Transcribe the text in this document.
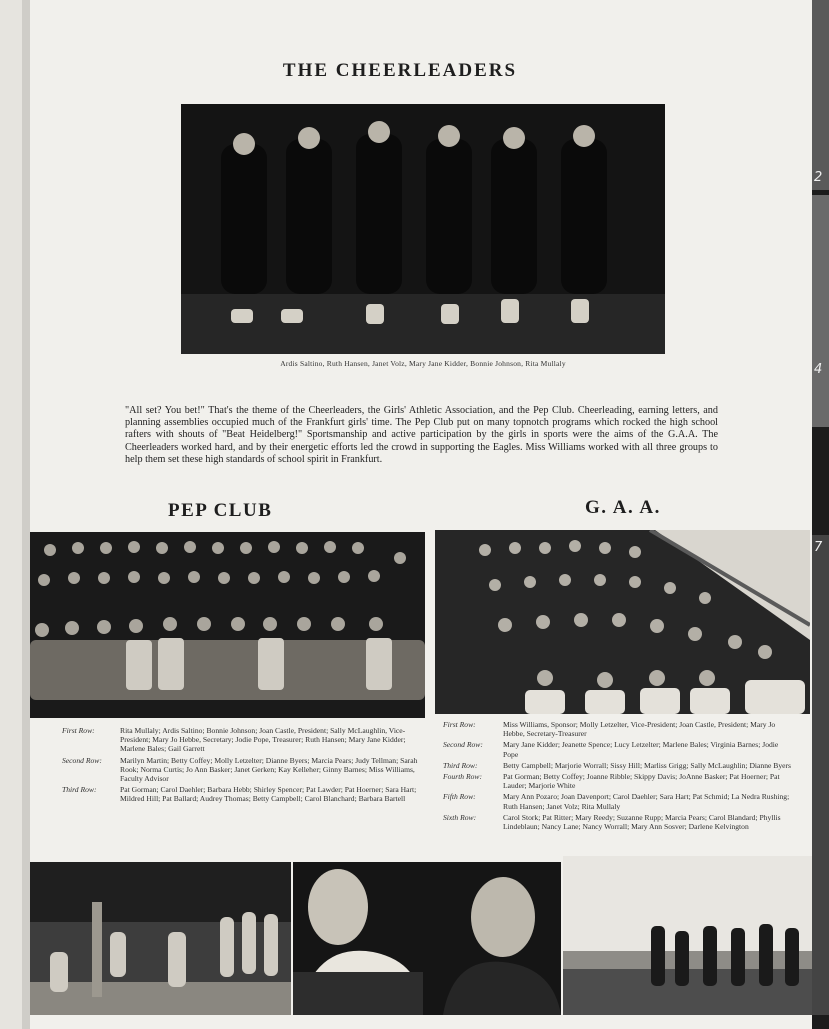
2
4
7
THE CHEERLEADERS
Ardis Saltino, Ruth Hansen, Janet Volz, Mary Jane Kidder, Bonnie Johnson, Rita Mullaly
"All set? You bet!" That's the theme of the Cheerleaders, the Girls' Athletic Association, and the Pep Club. Cheerleading, earning letters, and planning assemblies occupied much of the Frankfurt girls' time. The Pep Club put on many topnotch programs which rocked the high school rafters with shouts of "Beat Heidelberg!" Sportsmanship and active participation by the girls in sports were the aims of the G.A.A. The Cheerleaders worked hard, and by their energetic efforts led the crowd in supporting the Eagles. Miss Williams worked with all three groups to help them set these high standards of school spirit in Frankfurt.
PEP CLUB	G. A. A.
First Row:	Rita Mullaly; Ardis Saltino; Bonnie Johnson; Joan Castle, President; Sally McLaughlin, Vice-President; Mary Jo Hebbe, Secretary; Jodie Pope, Treasurer; Ruth Hansen; Mary Jane Kidder; Marlene Bales; Gail Garrett
Second Row:	Marilyn Martin; Betty Coffey; Molly Letzelter; Dianne Byers; Marcia Pears; Judy Tellman; Sarah Rook; Norma Curtis; Jo Ann Basker; Janet Gerken; Kay Kelleher; Ginny Barnes; Miss Williams, Faculty Advisor
Third Row:	Pat Gorman; Carol Daehler; Barbara Hebb; Shirley Spencer; Pat Lawder; Pat Hoerner; Sara Hart; Mildred Hill; Pat Ballard; Audrey Thomas; Betty Campbell; Carol Blanchard; Barbara Bartell
First Row:	Miss Williams, Sponsor; Molly Letzelter, Vice-President; Joan Castle, President; Mary Jo Hebbe, Secretary-Treasurer
Second Row:	Mary Jane Kidder; Jeanette Spence; Lucy Letzelter; Marlene Bales; Virginia Barnes; Jodie Pope
Third Row:	Betty Campbell; Marjorie Worrall; Sissy Hill; Marliss Grigg; Sally McLaughlin; Dianne Byers
Fourth Row:	Pat Gorman; Betty Coffey; Joanne Ribble; Skippy Davis; JoAnne Basker; Pat Hoerner; Pat Lauder; Marjorie White
Fifth Row:	Mary Ann Pozaro; Joan Davenport; Carol Daehler; Sara Hart; Pat Schmid; La Nedra Rushing; Ruth Hansen; Janet Volz; Rita Mullaly
Sixth Row:	Carol Stork; Pat Ritter; Mary Reedy; Suzanne Rupp; Marcia Pears; Carol Blandard; Phyllis Lindeblaun; Nancy Lane; Nancy Worrall; Mary Ann Sosver; Darlene Kelvington
